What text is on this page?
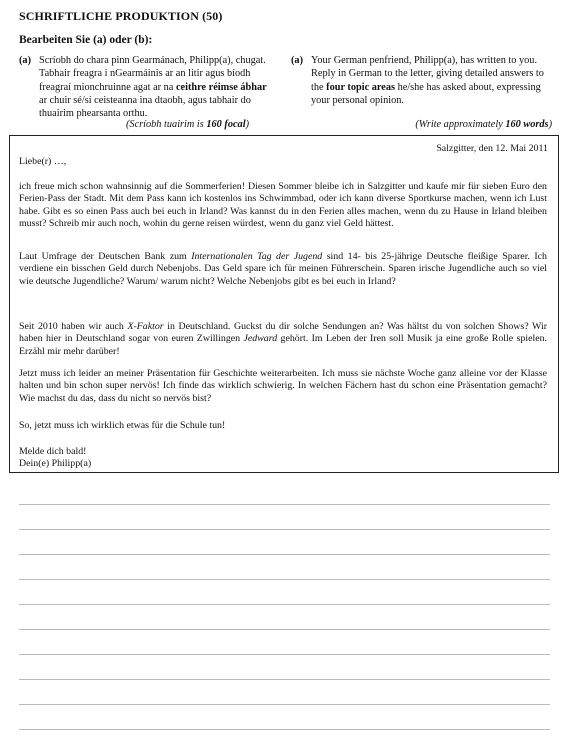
SCHRIFTLICHE PRODUKTION (50)
Bearbeiten Sie (a) oder (b):
(a) Scríobh do chara pinn Gearmánach, Philipp(a), chugat. Tabhair freagra i nGearmáinis ar an litir agus bíodh freagraí mionchruinne agat ar na ceithre réimse ábhar ar chuir sé/sí ceisteanna ina dtaobh, agus tabhair do thuairim phearsanta orthu.
(Scríobh tuairim is 160 focal)
(a) Your German penfriend, Philipp(a), has written to you. Reply in German to the letter, giving detailed answers to the four topic areas he/she has asked about, expressing your personal opinion.
(Write approximately 160 words)
Salzgitter, den 12. Mai 2011
Liebe(r) …,
ich freue mich schon wahnsinnig auf die Sommerferien! Diesen Sommer bleibe ich in Salzgitter und kaufe mir für sieben Euro den Ferien-Pass der Stadt. Mit dem Pass kann ich kostenlos ins Schwimmbad, oder ich kann diverse Sportkurse machen, wenn ich Lust habe. Gibt es so einen Pass auch bei euch in Irland? Was kannst du in den Ferien alles machen, wenn du zu Hause in Irland bleiben musst? Schreib mir auch noch, wohin du gerne reisen würdest, wenn du ganz viel Geld hättest.
Laut Umfrage der Deutschen Bank zum Internationalen Tag der Jugend sind 14- bis 25-jährige Deutsche fleißige Sparer. Ich verdiene ein bisschen Geld durch Nebenjobs. Das Geld spare ich für meinen Führerschein. Sparen irische Jugendliche auch so viel wie deutsche Jugendliche? Warum/ warum nicht? Welche Nebenjobs gibt es bei euch in Irland?
Seit 2010 haben wir auch X-Faktor in Deutschland. Guckst du dir solche Sendungen an? Was hältst du von solchen Shows? Wir haben hier in Deutschland sogar von euren Zwillingen Jedward gehört. Im Leben der Iren soll Musik ja eine große Rolle spielen. Erzähl mir mehr darüber!
Jetzt muss ich leider an meiner Präsentation für Geschichte weiterarbeiten. Ich muss sie nächste Woche ganz alleine vor der Klasse halten und bin schon super nervös! Ich finde das wirklich schwierig. In welchen Fächern hast du schon eine Präsentation gemacht? Wie machst du das, dass du nicht so nervös bist?
So, jetzt muss ich wirklich etwas für die Schule tun!
Melde dich bald!
Dein(e) Philipp(a)
